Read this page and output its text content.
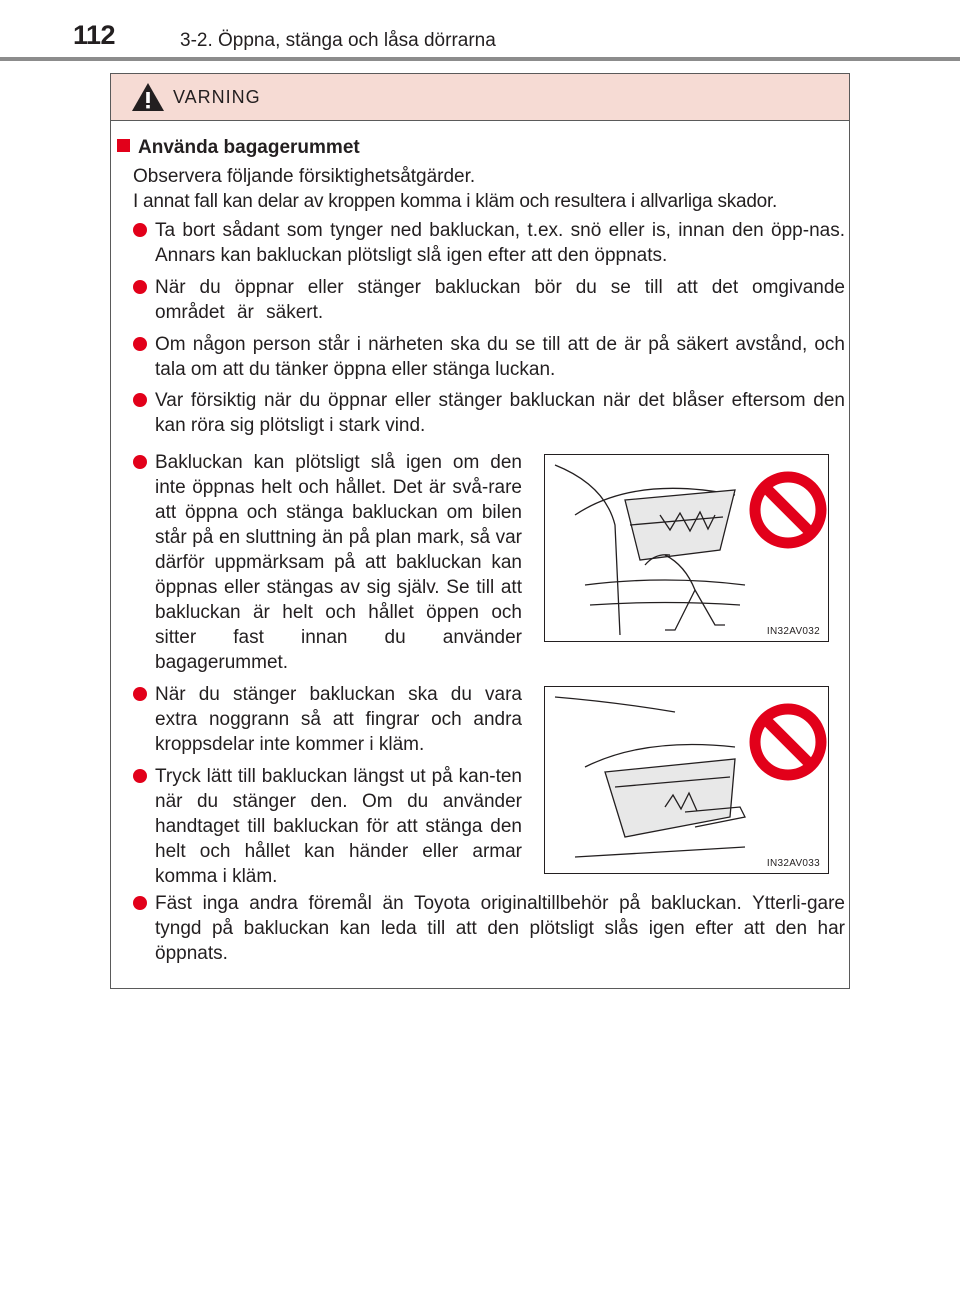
112	3-2. Öppna, stänga och låsa dörrarna
VARNING
Använda bagagerummet
Observera följande försiktighetsåtgärder.
I annat fall kan delar av kroppen komma i kläm och resultera i allvarliga skador.
Ta bort sådant som tynger ned bakluckan, t.ex. snö eller is, innan den öpp-nas. Annars kan bakluckan plötsligt slå igen efter att den öppnats.
När du öppnar eller stänger bakluckan bör du se till att det omgivande området är säkert.
Om någon person står i närheten ska du se till att de är på säkert avstånd, och tala om att du tänker öppna eller stänga luckan.
Var försiktig när du öppnar eller stänger bakluckan när det blåser eftersom den kan röra sig plötsligt i stark vind.
Bakluckan kan plötsligt slå igen om den inte öppnas helt och hållet. Det är svå-rare att öppna och stänga bakluckan om bilen står på en sluttning än på plan mark, så var därför uppmärksam på att bakluckan kan öppnas eller stängas av sig själv. Se till att bakluckan är helt och hållet öppen och sitter fast innan du använder bagagerummet.
När du stänger bakluckan ska du vara extra noggrann så att fingrar och andra kroppsdelar inte kommer i kläm.
Tryck lätt till bakluckan längst ut på kan-ten när du stänger den. Om du använder handtaget till bakluckan för att stänga den helt och hållet kan händer eller armar komma i kläm.
Fäst inga andra föremål än Toyota originaltillbehör på bakluckan. Ytterli-gare tyngd på bakluckan kan leda till att den plötsligt slås igen efter att den har öppnats.
IN32AV032
IN32AV033
